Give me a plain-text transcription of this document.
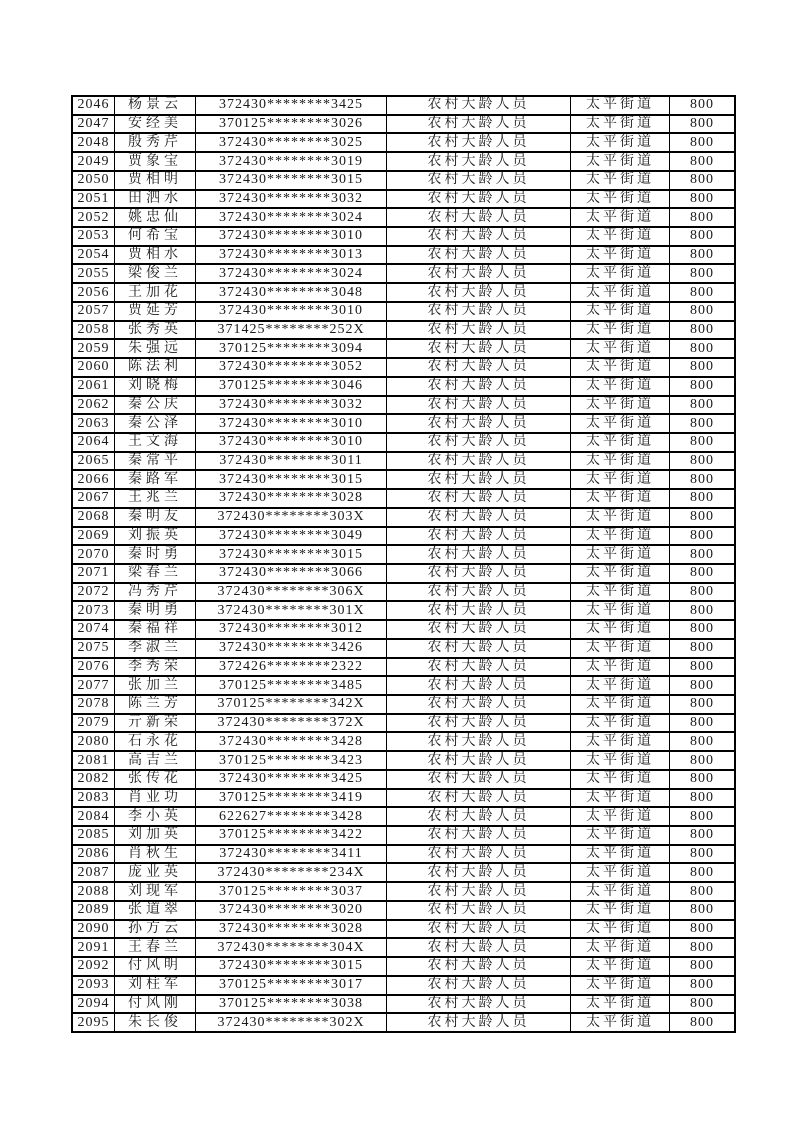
2046	杨景云	372430********3425	农村大龄人员	太平街道	800
2047	安经美	370125********3026	农村大龄人员	太平街道	800
2048	殷秀芹	372430********3025	农村大龄人员	太平街道	800
2049	贾象宝	372430********3019	农村大龄人员	太平街道	800
2050	贾相明	372430********3015	农村大龄人员	太平街道	800
2051	田泗水	372430********3032	农村大龄人员	太平街道	800
2052	姚忠仙	372430********3024	农村大龄人员	太平街道	800
2053	何希宝	372430********3010	农村大龄人员	太平街道	800
2054	贾相水	372430********3013	农村大龄人员	太平街道	800
2055	梁俊兰	372430********3024	农村大龄人员	太平街道	800
2056	王加花	372430********3048	农村大龄人员	太平街道	800
2057	贾延芳	372430********3010	农村大龄人员	太平街道	800
2058	张秀英	371425********252X	农村大龄人员	太平街道	800
2059	朱强远	370125********3094	农村大龄人员	太平街道	800
2060	陈法利	372430********3052	农村大龄人员	太平街道	800
2061	刘晓梅	370125********3046	农村大龄人员	太平街道	800
2062	秦公庆	372430********3032	农村大龄人员	太平街道	800
2063	秦公泽	372430********3010	农村大龄人员	太平街道	800
2064	王文海	372430********3010	农村大龄人员	太平街道	800
2065	秦常平	372430********3011	农村大龄人员	太平街道	800
2066	秦路军	372430********3015	农村大龄人员	太平街道	800
2067	王兆兰	372430********3028	农村大龄人员	太平街道	800
2068	秦明友	372430********303X	农村大龄人员	太平街道	800
2069	刘振英	372430********3049	农村大龄人员	太平街道	800
2070	秦时勇	372430********3015	农村大龄人员	太平街道	800
2071	梁春兰	372430********3066	农村大龄人员	太平街道	800
2072	冯秀芹	372430********306X	农村大龄人员	太平街道	800
2073	秦明勇	372430********301X	农村大龄人员	太平街道	800
2074	秦福祥	372430********3012	农村大龄人员	太平街道	800
2075	李淑兰	372430********3426	农村大龄人员	太平街道	800
2076	李秀荣	372426********2322	农村大龄人员	太平街道	800
2077	张加兰	370125********3485	农村大龄人员	太平街道	800
2078	陈兰芳	370125********342X	农村大龄人员	太平街道	800
2079	亓新荣	372430********372X	农村大龄人员	太平街道	800
2080	石永花	372430********3428	农村大龄人员	太平街道	800
2081	高吉兰	370125********3423	农村大龄人员	太平街道	800
2082	张传花	372430********3425	农村大龄人员	太平街道	800
2083	肖业功	370125********3419	农村大龄人员	太平街道	800
2084	李小英	622627********3428	农村大龄人员	太平街道	800
2085	刘加英	370125********3422	农村大龄人员	太平街道	800
2086	肖秋生	372430********3411	农村大龄人员	太平街道	800
2087	庞业英	372430********234X	农村大龄人员	太平街道	800
2088	刘现军	370125********3037	农村大龄人员	太平街道	800
2089	张道翠	372430********3020	农村大龄人员	太平街道	800
2090	孙方云	372430********3028	农村大龄人员	太平街道	800
2091	王春兰	372430********304X	农村大龄人员	太平街道	800
2092	付风明	372430********3015	农村大龄人员	太平街道	800
2093	刘柱军	370125********3017	农村大龄人员	太平街道	800
2094	付风刚	370125********3038	农村大龄人员	太平街道	800
2095	朱长俊	372430********302X	农村大龄人员	太平街道	800
